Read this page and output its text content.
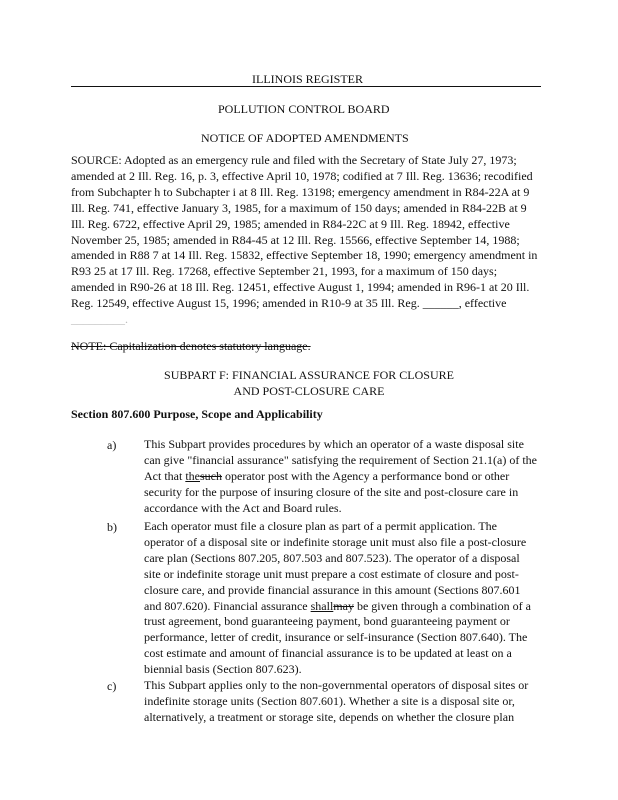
ILLINOIS REGISTER
POLLUTION CONTROL BOARD
NOTICE OF ADOPTED AMENDMENTS

SOURCE: Adopted as an emergency rule and filed with the Secretary of State July 27, 1973;

amended at 2 Ill. Reg. 16, p. 3, effective April 10, 1978; codified at 7 Ill. Reg. 13636; recodified

from Subchapter h to Subchapter i at 8 Ill. Reg. 13198; emergency amendment in R84-22A at 9

Ill. Reg. 741, effective January 3, 1985, for a maximum of 150 days; amended in R84-22B at 9

Ill. Reg. 6722, effective April 29, 1985; amended in R84-22C at 9 Ill. Reg. 18942, effective

November 25, 1985; amended in R84-45 at 12 Ill. Reg. 15566, effective September 14, 1988;

amended in R88 7 at 14 Ill. Reg. 15832, effective September 18, 1990; emergency amendment in

R93 25 at 17 Ill. Reg. 17268, effective September 21, 1993, for a maximum of 150 days;

amended in R90-26 at 18 Ill. Reg. 12451, effective August 1, 1994; amended in R96-1 at 20 Ill.

Reg. 12549, effective August 15, 1996; amended in R10-9 at 35 Ill. Reg. ______, effective

_________.

NOTE: Capitalization denotes statutory language.
SUBPART F: FINANCIAL ASSURANCE FOR CLOSURE
AND POST-CLOSURE CARE
Section 807.600 Purpose, Scope and Applicability
a) This Subpart provides procedures by which an operator of a waste disposal site

can give "financial assurance" satisfying the requirement of Section 21.1(a) of the

Act that thesuch operator post with the Agency a performance bond or other

security for the purpose of insuring closure of the site and post-closure care in

accordance with the Act and Board rules.

b) Each operator must file a closure plan as part of a permit application. The

operator of a disposal site or indefinite storage unit must also file a post-closure

care plan (Sections 807.205, 807.503 and 807.523). The operator of a disposal

site or indefinite storage unit must prepare a cost estimate of closure and post-

closure care, and provide financial assurance in this amount (Sections 807.601

and 807.620). Financial assurance shallmay be given through a combination of a

trust agreement, bond guaranteeing payment, bond guaranteeing payment or

performance, letter of credit, insurance or self-insurance (Section 807.640). The

cost estimate and amount of financial assurance is to be updated at least on a

biennial basis (Section 807.623).

c) This Subpart applies only to the non-governmental operators of disposal sites or

indefinite storage units (Section 807.601). Whether a site is a disposal site or,

alternatively, a treatment or storage site, depends on whether the closure plan
